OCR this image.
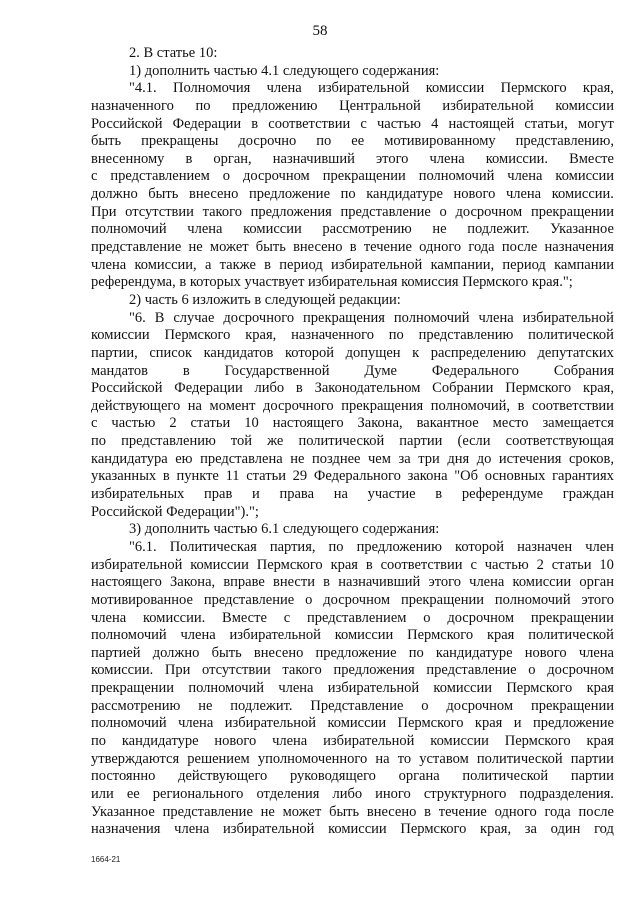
58
2. В статье 10:
1) дополнить частью 4.1 следующего содержания:
"4.1. Полномочия члена избирательной комиссии Пермского края,
назначенного по предложению Центральной избирательной комиссии
Российской Федерации в соответствии с частью 4 настоящей статьи, могут
быть прекращены досрочно по ее мотивированному представлению,
внесенному в орган, назначивший этого члена комиссии. Вместе
с представлением о досрочном прекращении полномочий члена комиссии
должно быть внесено предложение по кандидатуре нового члена комиссии.
При отсутствии такого предложения представление о досрочном прекращении
полномочий члена комиссии рассмотрению не подлежит. Указанное
представление не может быть внесено в течение одного года после назначения
члена комиссии, а также в период избирательной кампании, период кампании
референдума, в которых участвует избирательная комиссия Пермского края.";
2) часть 6 изложить в следующей редакции:
"6. В случае досрочного прекращения полномочий члена избирательной
комиссии Пермского края, назначенного по представлению политической
партии, список кандидатов которой допущен к распределению депутатских
мандатов в Государственной Думе Федерального Собрания
Российской Федерации либо в Законодательном Собрании Пермского края,
действующего на момент досрочного прекращения полномочий, в соответствии
с частью 2 статьи 10 настоящего Закона, вакантное место замещается
по представлению той же политической партии (если соответствующая
кандидатура ею представлена не позднее чем за три дня до истечения сроков,
указанных в пункте 11 статьи 29 Федерального закона "Об основных гарантиях
избирательных прав и права на участие в референдуме граждан
Российской Федерации").";
3) дополнить частью 6.1 следующего содержания:
"6.1. Политическая партия, по предложению которой назначен член
избирательной комиссии Пермского края в соответствии с частью 2 статьи 10
настоящего Закона, вправе внести в назначивший этого члена комиссии орган
мотивированное представление о досрочном прекращении полномочий этого
члена комиссии. Вместе с представлением о досрочном прекращении
полномочий члена избирательной комиссии Пермского края политической
партией должно быть внесено предложение по кандидатуре нового члена
комиссии. При отсутствии такого предложения представление о досрочном
прекращении полномочий члена избирательной комиссии Пермского края
рассмотрению не подлежит. Представление о досрочном прекращении
полномочий члена избирательной комиссии Пермского края и предложение
по кандидатуре нового члена избирательной комиссии Пермского края
утверждаются решением уполномоченного на то уставом политической партии
постоянно действующего руководящего органа политической партии
или ее регионального отделения либо иного структурного подразделения.
Указанное представление не может быть внесено в течение одного года после
назначения члена избирательной комиссии Пермского края, за один год
1664-21
